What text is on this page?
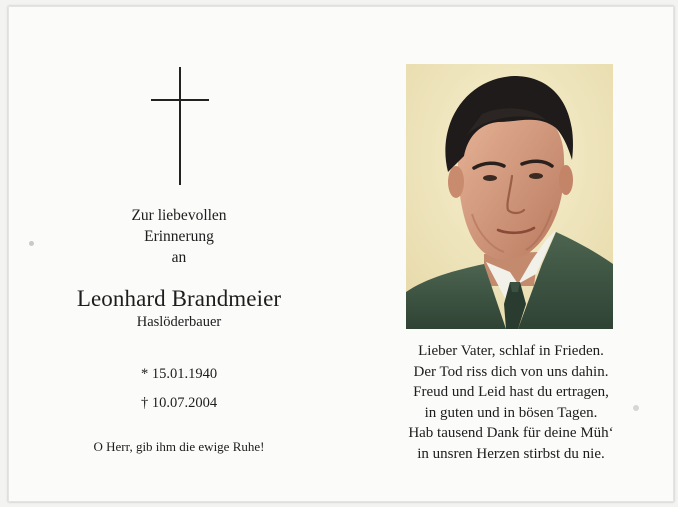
Zur liebevollen
Erinnerung
an
Leonhard Brandmeier
Haslöderbauer
* 15.01.1940
† 10.07.2004
O Herr, gib ihm die ewige Ruhe!
Lieber Vater, schlaf in Frieden.
Der Tod riss dich von uns dahin.
Freud und Leid hast du ertragen,
in guten und in bösen Tagen.
Hab tausend Dank für deine Müh‘
in unsren Herzen stirbst du nie.
